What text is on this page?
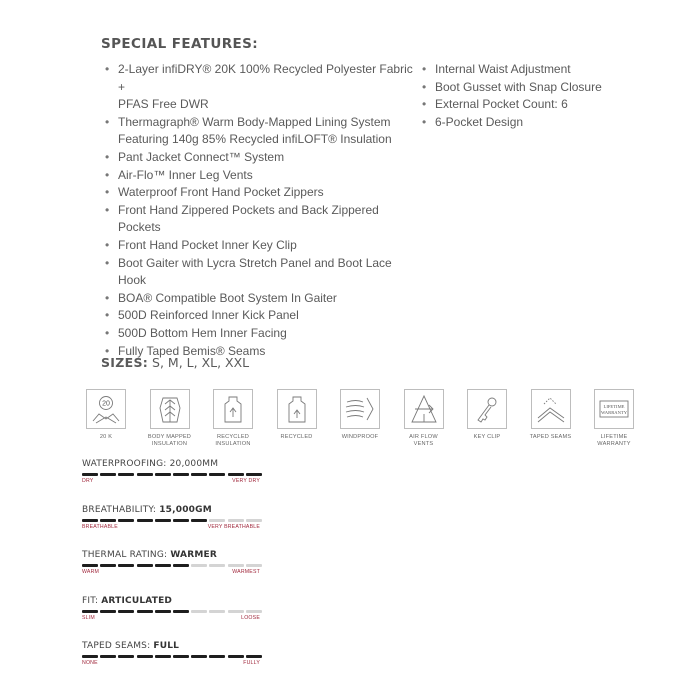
SPECIAL FEATURES:
• 2-Layer infiDRY® 20K 100% Recycled Polyester Fabric +
PFAS Free DWR
• Thermagraph® Warm Body-Mapped Lining System
Featuring 140g 85% Recycled infiLOFT® Insulation
• Pant Jacket Connect™ System
• Air-Flo™ Inner Leg Vents
• Waterproof Front Hand Pocket Zippers
• Front Hand Zippered Pockets and Back Zippered
Pockets
• Front Hand Pocket Inner Key Clip
• Boot Gaiter with Lycra Stretch Panel and Boot Lace
Hook
• BOA® Compatible Boot System In Gaiter
• 500D Reinforced Inner Kick Panel
• 500D Bottom Hem Inner Facing
• Fully Taped Bemis® Seams
• Internal Waist Adjustment
• Boot Gusset with Snap Closure
• External Pocket Count: 6
• 6-Pocket Design

SIZES: S, M, L, XL, XXL

20
20 K	BODY MAPPED
INSULATION
RECYCLED
INSULATION
RECYCLED	WINDPROOF	AIR FLOW
VENTS
KEY CLIP	TAPED SEAMS
LIFETIME
WARRANTY
LIFETIME
WARRANTY
WATERPROOFING: 20,000MM
DRY	VERY DRY
BREATHABILITY: 15,000GM
BREATHABLE	VERY BREATHABLE
THERMAL RATING: WARMER
WARM	WARMEST
FIT: ARTICULATED
SLIM	LOOSE
TAPED SEAMS: FULL
NONE	FULLY
